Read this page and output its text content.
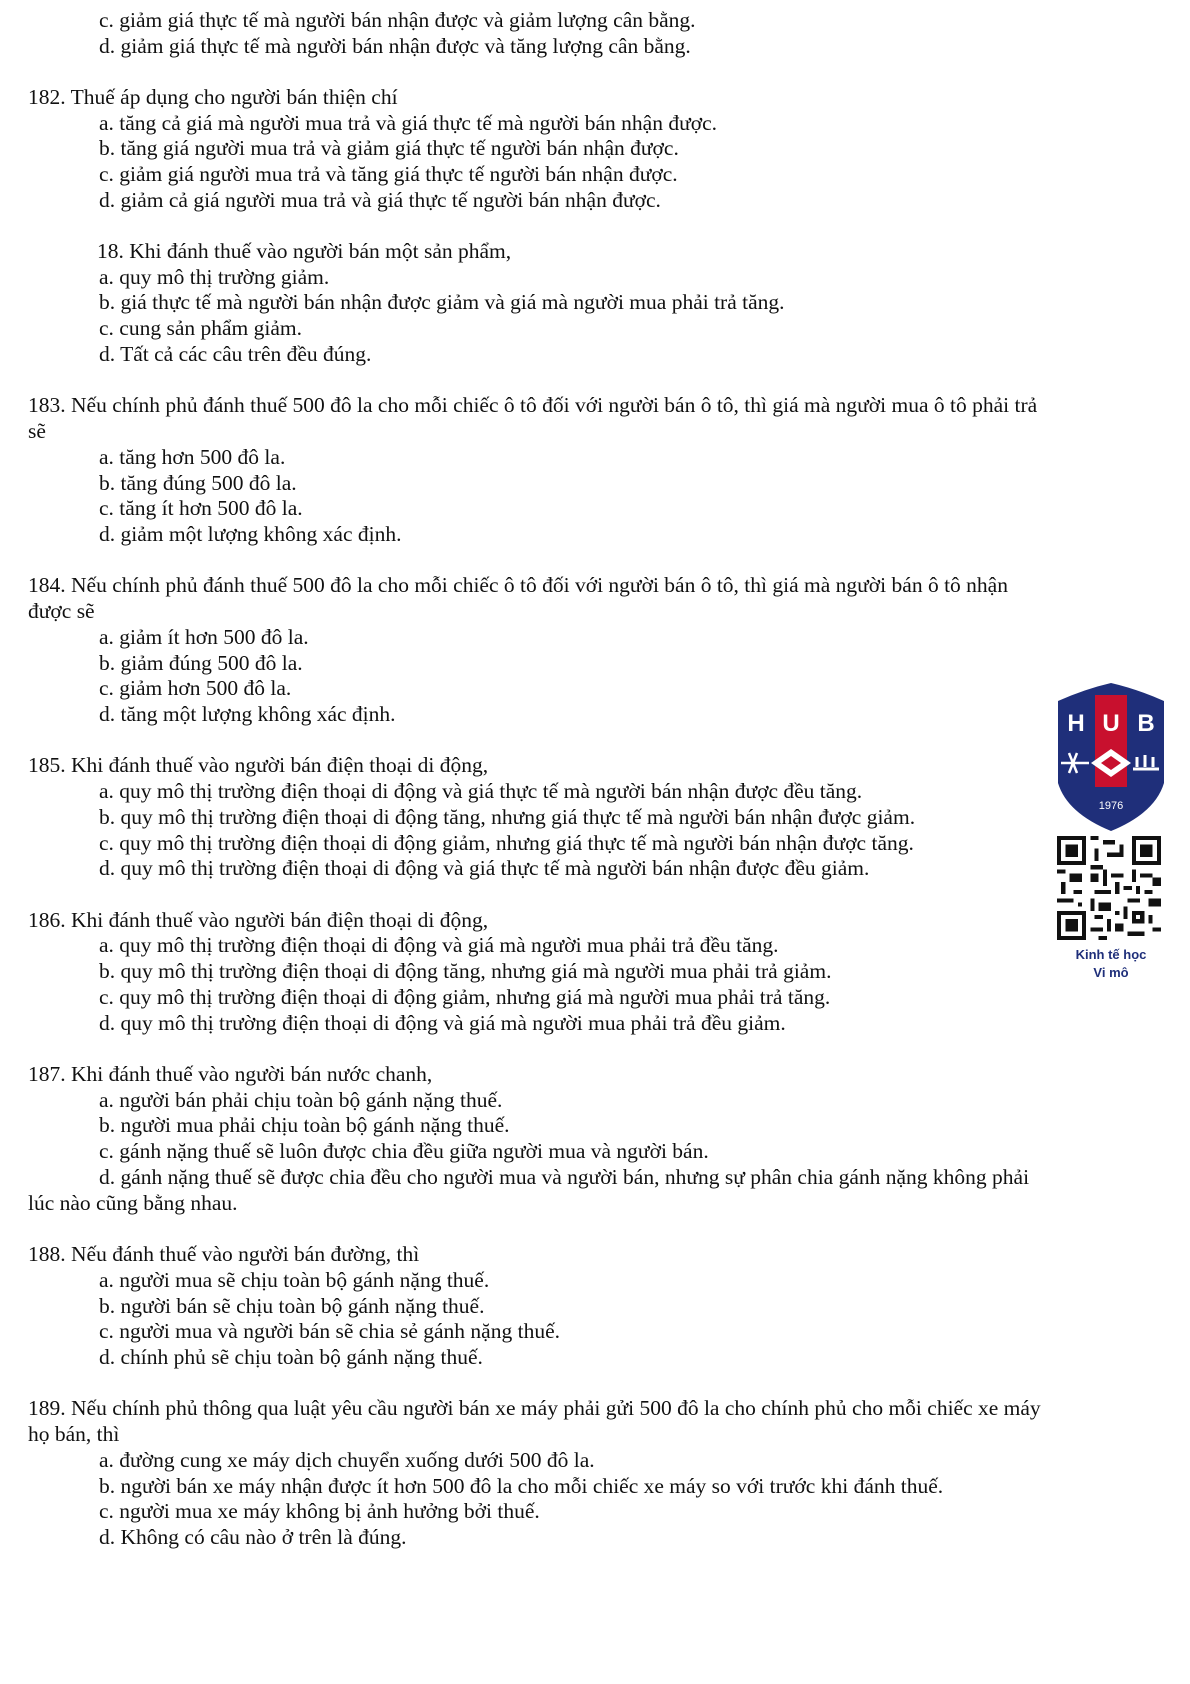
c. giảm giá thực tế mà người bán nhận được và giảm lượng cân bằng.
d. giảm giá thực tế mà người bán nhận được và tăng lượng cân bằng.
182. Thuế áp dụng cho người bán thiện chí
a. tăng cả giá mà người mua trả và giá thực tế mà người bán nhận được.
b. tăng giá người mua trả và giảm giá thực tế người bán nhận được.
c. giảm giá người mua trả và tăng giá thực tế người bán nhận được.
d. giảm cả giá người mua trả và giá thực tế người bán nhận được.
18. Khi đánh thuế vào người bán một sản phẩm,
a. quy mô thị trường giảm.
b. giá thực tế mà người bán nhận được giảm và giá mà người mua phải trả tăng.
c. cung sản phẩm giảm.
d. Tất cả các câu trên đều đúng.
183. Nếu chính phủ đánh thuế 500 đô la cho mỗi chiếc ô tô đối với người bán ô tô, thì giá mà người mua ô tô phải trả
sẽ
a. tăng hơn 500 đô la.
b. tăng đúng 500 đô la.
c. tăng ít hơn 500 đô la.
d. giảm một lượng không xác định.
184. Nếu chính phủ đánh thuế 500 đô la cho mỗi chiếc ô tô đối với người bán ô tô, thì giá mà người bán ô tô nhận
được sẽ
a. giảm ít hơn 500 đô la.
b. giảm đúng 500 đô la.
c. giảm hơn 500 đô la.
d. tăng một lượng không xác định.
185. Khi đánh thuế vào người bán điện thoại di động,
a. quy mô thị trường điện thoại di động và giá thực tế mà người bán nhận được đều tăng.
b. quy mô thị trường điện thoại di động tăng, nhưng giá thực tế mà người bán nhận được giảm.
c. quy mô thị trường điện thoại di động giảm, nhưng giá thực tế mà người bán nhận được tăng.
d. quy mô thị trường điện thoại di động và giá thực tế mà người bán nhận được đều giảm.
186. Khi đánh thuế vào người bán điện thoại di động,
a. quy mô thị trường điện thoại di động và giá mà người mua phải trả đều tăng.
b. quy mô thị trường điện thoại di động tăng, nhưng giá mà người mua phải trả giảm.
c. quy mô thị trường điện thoại di động giảm, nhưng giá mà người mua phải trả tăng.
d. quy mô thị trường điện thoại di động và giá mà người mua phải trả đều giảm.
187. Khi đánh thuế vào người bán nước chanh,
a. người bán phải chịu toàn bộ gánh nặng thuế.
b. người mua phải chịu toàn bộ gánh nặng thuế.
c. gánh nặng thuế sẽ luôn được chia đều giữa người mua và người bán.
d. gánh nặng thuế sẽ được chia đều cho người mua và người bán, nhưng sự phân chia gánh nặng không phải
lúc nào cũng bằng nhau.
188. Nếu đánh thuế vào người bán đường, thì
a. người mua sẽ chịu toàn bộ gánh nặng thuế.
b. người bán sẽ chịu toàn bộ gánh nặng thuế.
c. người mua và người bán sẽ chia sẻ gánh nặng thuế.
d. chính phủ sẽ chịu toàn bộ gánh nặng thuế.
189. Nếu chính phủ thông qua luật yêu cầu người bán xe máy phải gửi 500 đô la cho chính phủ cho mỗi chiếc xe máy
họ bán, thì
a. đường cung xe máy dịch chuyển xuống dưới 500 đô la.
b. người bán xe máy nhận được ít hơn 500 đô la cho mỗi chiếc xe máy so với trước khi đánh thuế.
c. người mua xe máy không bị ảnh hưởng bởi thuế.
d. Không có câu nào ở trên là đúng.
H U B
1976
Kinh tế học
Vi mô
